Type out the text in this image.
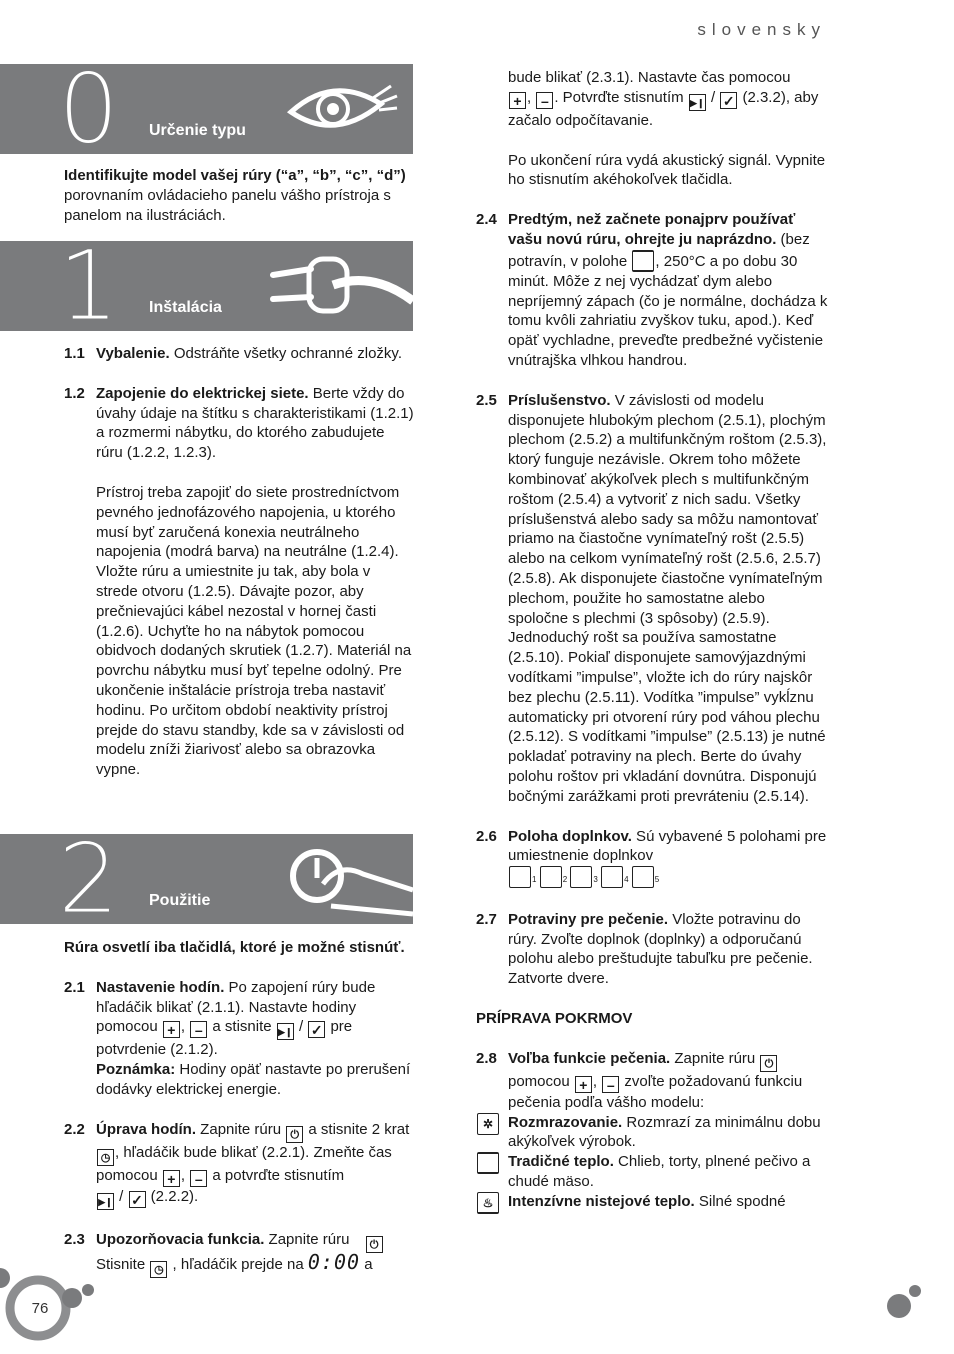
slovensky
0 Určenie typu

Identifikujte model vašej rúry (“a”, “b”, “c”, “d”) porovnaním ovládacieho panelu vášho prístroja s panelom na ilustráciách.

1 Inštalácia
1.1 Vybalenie. Odstráňte všetky ochranné zložky.
1.2 Zapojenie do elektrickej siete. Berte vždy do úvahy údaje na štítku s charakteristikami (1.2.1) a rozmermi nábytku, do ktorého zabudujete rúru (1.2.2, 1.2.3).
Prístroj treba zapojiť do siete prostredníctvom pevného jednofázového napojenia, u ktorého musí byť zaručená konexia neutrálneho napojenia (modrá barva) na neutrálne (1.2.4). Vložte rúru a umiestnite ju tak, aby bola v strede otvoru (1.2.5). Dávajte pozor, aby prečnievajúci kábel nezostal v hornej časti (1.2.6). Uchyťte ho na nábytok pomocou obidvoch dodaných skrutiek (1.2.7). Materiál na povrchu nábytku musí byť tepelne odolný. Pre ukončenie inštalácie prístroja treba nastaviť hodinu. Po určitom období neaktivity prístroj prejde do stavu standby, kde sa v závislosti od modelu zníži žiarivosť alebo sa obrazovka vypne.
2 Použitie

Rúra osvetlí iba tlačidlá, ktoré je možné stisnúť.

2.1 Nastavenie hodín. Po zapojení rúry bude hľadáčik blikať (2.1.1). Nastavte hodiny pomocou + , – a stisnite ▶❙ / ✓ pre potvrdenie (2.1.2).
Poznámka: Hodiny opäť nastavte po prerušení dodávky elektrickej energie.
2.2 Úprava hodín. Zapnite rúru ⏻ a stisnite 2 krat ◷ , hľadáčik bude blikať (2.2.1). Zmeňte čas pomocou + , – a potvrďte stisnutím
▶❙ / ✓ (2.2.2).
2.3 Upozorňovacia funkcia. Zapnite rúru ⏻
Stisnite ◷ , hľadáčik prejde na 0:00 a
bude blikať (2.3.1). Nastavte čas pomocou
+ , – . Potvrďte stisnutím ▶❙ / ✓ (2.3.2), aby začalo odpočítavanie.
Po ukončení rúra vydá akustický signál. Vypnite ho stisnutím akéhokoľvek tlačidla.
2.4 Predtým, než začnete ponajprv používať vašu novú rúru, ohrejte ju naprázdno. (bez potravín, v polohe , 250°C a po dobu 30 minút. Môže z nej vychádzať dym alebo nepríjemný zápach (čo je normálne, dochádza k tomu kvôli zahriatiu zvyškov tuku, apod.). Keď opäť vychladne, preveďte predbežné vyčistenie vnútrajška vlhkou handrou.
2.5 Príslušenstvo. V závislosti od modelu disponujete hlubokým plechom (2.5.1), plochým plechom (2.5.2) a multifunkčným roštom (2.5.3), ktorý funguje nezávisle. Okrem toho môžete kombinovať akýkoľvek plech s multifunkčným roštom (2.5.4) a vytvoriť z nich sadu. Všetky príslušenstvá alebo sady sa môžu namontovať priamo na čiastočne vynímateľný rošt (2.5.5) alebo na celkom vynímateľný rošt (2.5.6, 2.5.7) (2.5.8). Ak disponujete čiastočne vynímateľným plechom, použite ho samostatne alebo spoločne s plechmi (3 spôsoby) (2.5.9). Jednoduchý rošt sa používa samostatne (2.5.10). Pokiaľ disponujete samovýjazdnými vodítkami ”impulse”, vložte ich do rúry najskôr bez plechu (2.5.11). Vodítka ”impulse” vykĺznu automaticky pri otvorení rúry pod váhou plechu (2.5.12). S vodítkami ”impulse” (2.5.13) je nutné pokladať potraviny na plech. Berte do úvahy polohu roštov pri vkladání dovnútra. Disponujú bočnými zarážkami proti prevráteniu (2.5.14).
2.6 Poloha doplnkov. Sú vybavené 5 polohami pre umiestnenie doplnkov
1	2	3	4	5
2.7 Potraviny pre pečenie. Vložte potravinu do rúry. Zvoľte doplnok (doplnky) a odporučanú polohu alebo preštudujte tabuľku pre pečenie. Zatvorte dvere.

PRÍPRAVA POKRMOV

2.8 Voľba funkcie pečenia. Zapnite rúru ⏻
pomocou + , – zvoľte požadovanú funkciu pečenia podľa vášho modelu:
✲ Rozmrazovanie. Rozmrazí za minimálnu dobu akýkoľvek výrobok.
Tradičné teplo. Chlieb, torty, plnené pečivo a chudé mäso.
♨ Intenzívne nistejové teplo. Silné spodné
76
